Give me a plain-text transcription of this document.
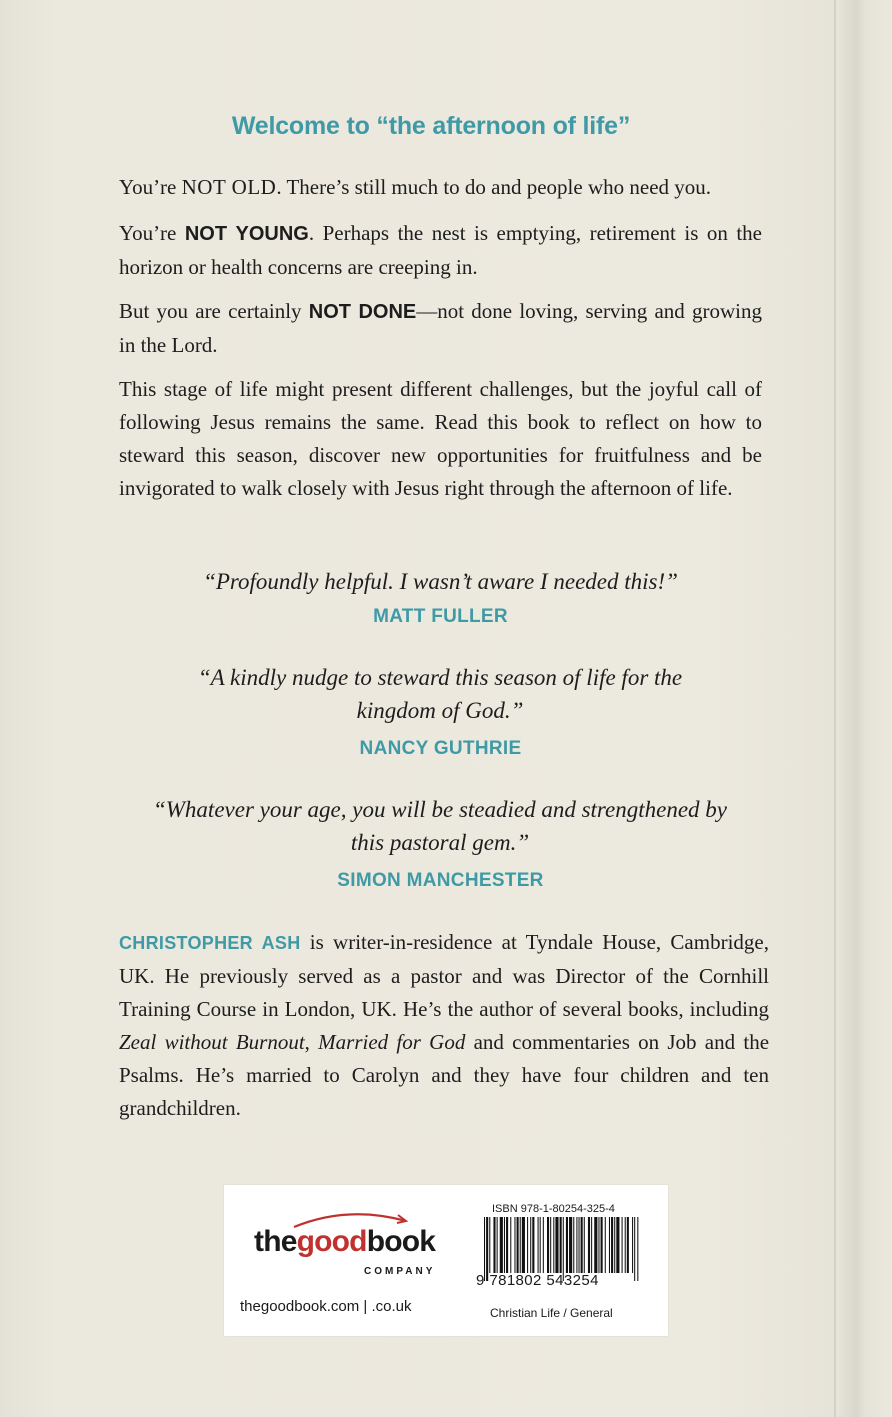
Welcome to “the afternoon of life”

You’re NOT OLD. There’s still much to do and people who need you.

You’re NOT YOUNG. Perhaps the nest is emptying, retirement is on the horizon or health concerns are creeping in.

But you are certainly NOT DONE—not done loving, serving and growing in the Lord.

This stage of life might present different challenges, but the joyful call of following Jesus remains the same. Read this book to reflect on how to steward this season, discover new opportunities for fruitfulness and be invigorated to walk closely with Jesus right through the afternoon of life.

“Profoundly helpful. I wasn’t aware I needed this!”

MATT FULLER

“A kindly nudge to steward this season of life for the kingdom of God.”

NANCY GUTHRIE

“Whatever your age, you will be steadied and strengthened by this pastoral gem.”

SIMON MANCHESTER

CHRISTOPHER ASH is writer-in-residence at Tyndale House, Cambridge, UK. He previously served as a pastor and was Director of the Cornhill Training Course in London, UK. He’s the author of several books, including Zeal without Burnout, Married for God and commentaries on Job and the Psalms. He’s married to Carolyn and they have four children and ten grandchildren.

thegoodbook
COMPANY
thegoodbook.com | .co.uk
ISBN 978-1-80254-325-4
9 781802 543254
Christian Life / General
